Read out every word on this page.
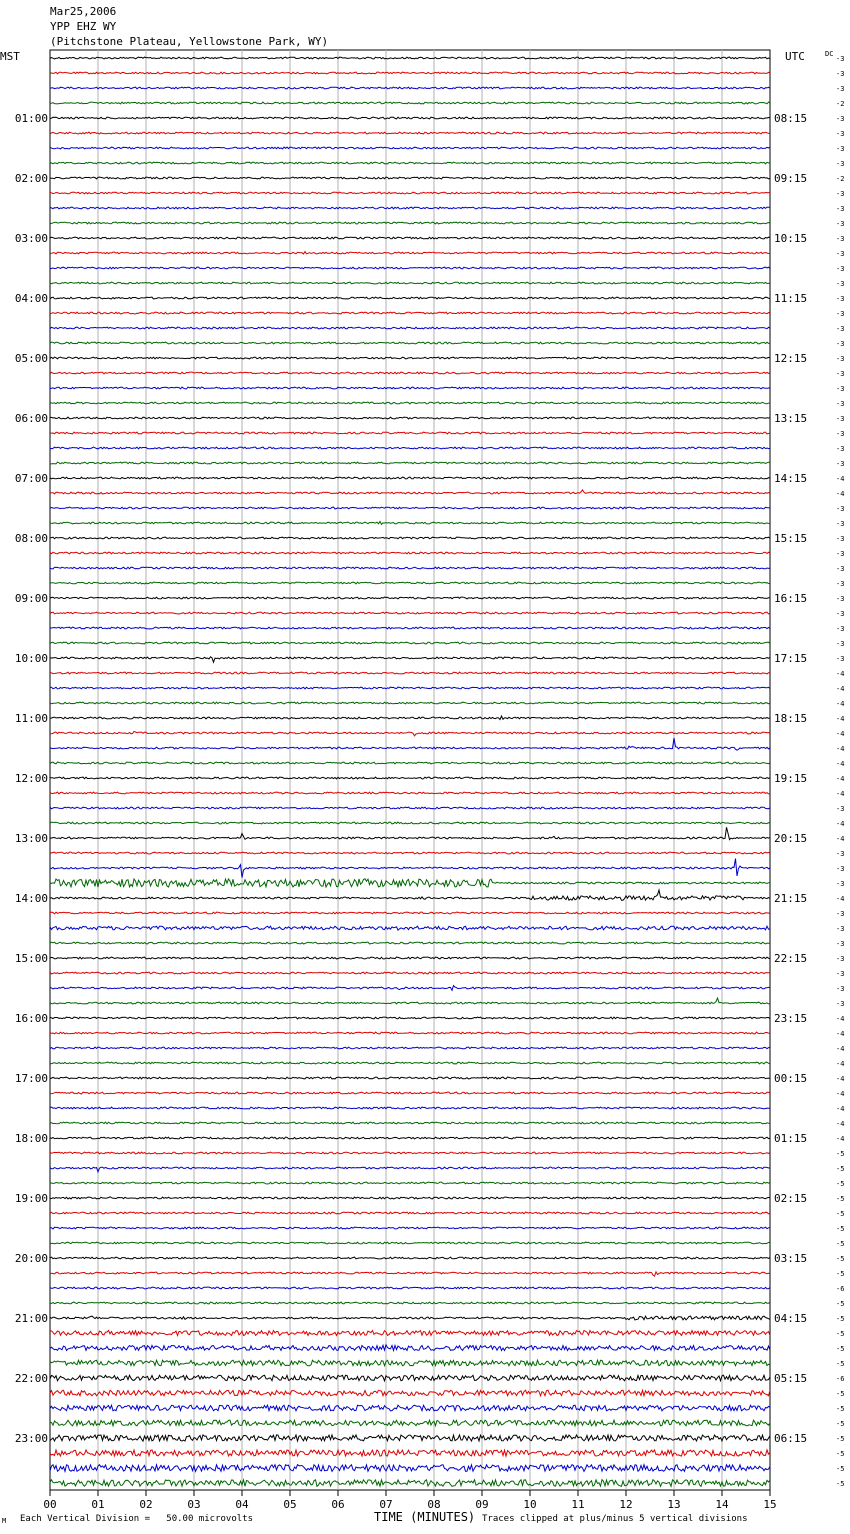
Mar25,2006
YPP EHZ WY
(Pitchstone Plateau, Yellowstone Park, WY)
MST	UTC	DC
00	01	02	03	04	05	06	07	08	09	10	11	12	13	14	15
-3
-3
-3
-2
-3
-3
-3
-3
-2
-3
-3
-3
-3
-3
-3
-3
-3
-3
-3
-3
-3
-3
-3
-3
-3
-3
-3
-3
-4
-4
-3
-3
-3
-3
-3
-3
-3
-3
-3
-3
-3
-4
-4
-4
-4
-4
-4
-4
-4
-4
-3
-4
-4
-3
-3
-3
-4
-3
-3
-3
-3
-3
-3
-3
-4
-4
-4
-4
-4
-4
-4
-4
-4
-5
-5
-5
-5
-5
-5
-5
-5
-5
-6
-5
-5
-5
-5
-5
-6
-5
-5
-5
-5
-5
-5
-5
01:00	08:15
02:00	09:15
03:00	10:15
04:00	11:15
05:00	12:15
06:00	13:15
07:00	14:15
08:00	15:15
09:00	16:15
10:00	17:15
11:00	18:15
12:00	19:15
13:00	20:15
14:00	21:15
15:00	22:15
16:00	23:15
17:00	00:15
18:00	01:15
19:00	02:15
20:00	03:15
21:00	04:15
22:00	05:15
23:00	06:15
M Each Vertical Division =   50.00 microvolts	TIME (MINUTES) Traces clipped at plus/minus 5 vertical divisions
